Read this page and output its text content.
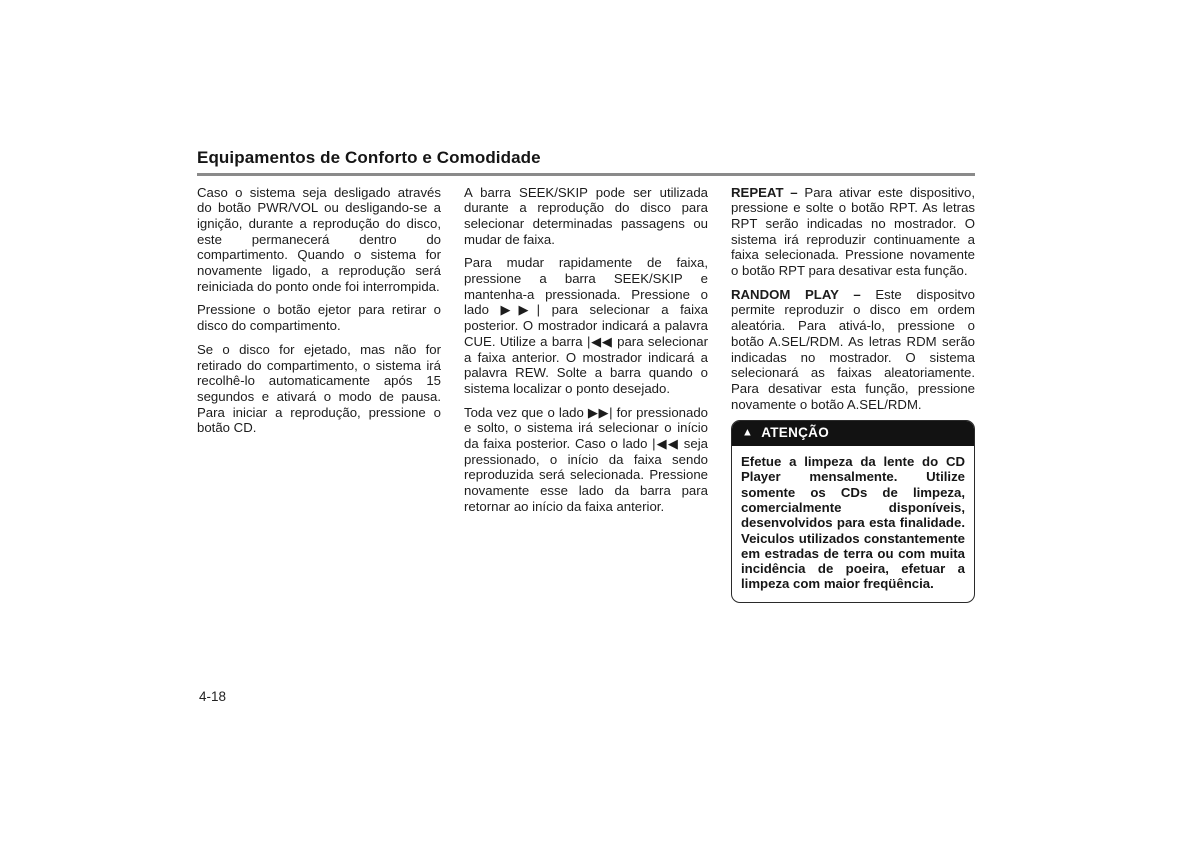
Equipamentos de Conforto e Comodidade

Caso o sistema seja desligado através do botão PWR/VOL ou desligando-se a ignição, durante a reprodução do disco, este permanecerá dentro do compartimento. Quando o sistema for novamente ligado, a reprodução será reiniciada do ponto onde foi interrompida.

Pressione o botão ejetor para retirar o disco do compartimento.

Se o disco for ejetado, mas não for retirado do compartimento, o sistema irá recolhê-lo automaticamente após 15 segundos e ativará o modo de pausa. Para iniciar a reprodução, pressione o botão CD.

A barra SEEK/SKIP pode ser utilizada durante a reprodução do disco para selecionar determinadas passagens ou mudar de faixa.

Para mudar rapidamente de faixa, pressione a barra SEEK/SKIP e mantenha-a pressionada. Pressione o lado ▶▶| para selecionar a faixa posterior. O mostrador indicará a palavra CUE. Utilize a barra |◀◀ para selecionar a faixa anterior. O mostrador indicará a palavra REW. Solte a barra quando o sistema localizar o ponto desejado.

Toda vez que o lado ▶▶| for pressionado e solto, o sistema irá selecionar o início da faixa posterior. Caso o lado |◀◀ seja pressionado, o início da faixa sendo reproduzida será selecionada. Pressione novamente esse lado da barra para retornar ao início da faixa anterior.

REPEAT – Para ativar este dispositivo, pressione e solte o botão RPT. As letras RPT serão indicadas no mostrador. O sistema irá reproduzir continuamente a faixa selecionada. Pressione novamente o botão RPT para desativar esta função.

RANDOM PLAY – Este dispositvo permite reproduzir o disco em ordem aleatória. Para ativá-lo, pressione o botão A.SEL/RDM. As letras RDM serão indicadas no mostrador. O sistema selecionará as faixas aleatoriamente. Para desativar esta função, pressione novamente o botão A.SEL/RDM.

▲ ATENÇÃO
Efetue a limpeza da lente do CD Player mensalmente. Utilize somente os CDs de limpeza, comercialmente disponíveis, desenvolvidos para esta finalidade. Veiculos utilizados constantemente em estradas de terra ou com muita incidência de poeira, efetuar a limpeza com maior freqüência.
4-18
